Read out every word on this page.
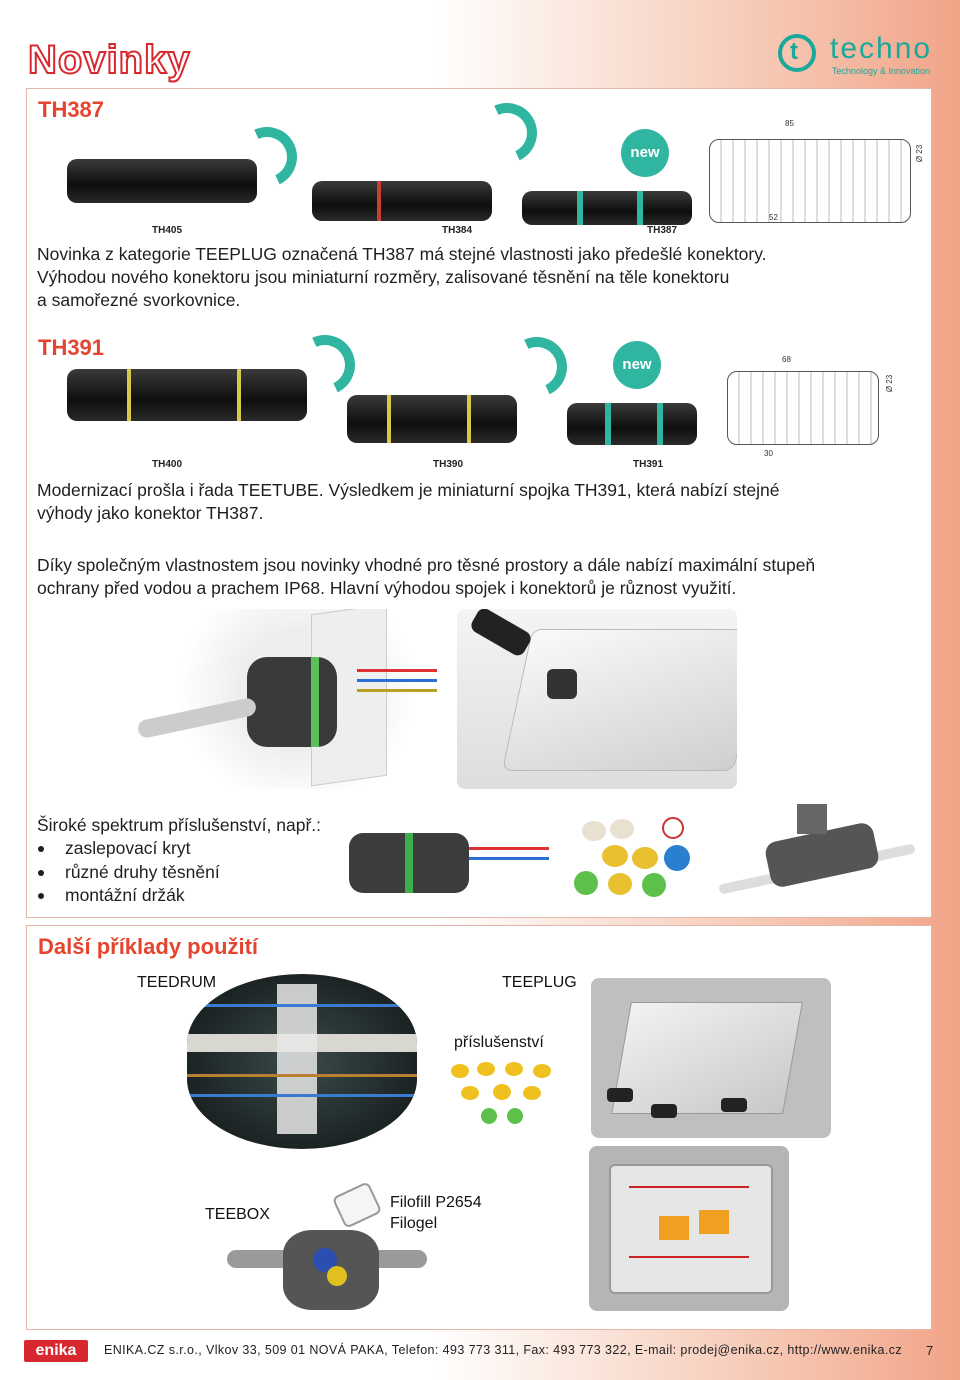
Novinky	t techno
Technology & Innovation
TH387
new
TH405	TH384	TH387
85
Ø 23
52

Novinka z kategorie TEEPLUG označená TH387 má stejné vlastnosti jako předešlé konektory.

Výhodou nového konektoru jsou miniaturní rozměry, zalisované těsnění na těle konektoru

a samořezné svorkovnice.

TH391
new
TH400	TH390	TH391
68
Ø 23
30

Modernizací prošla i řada TEETUBE. Výsledkem je miniaturní spojka TH391, která nabízí stejné

výhody jako konektor TH387.

Díky společným vlastnostem jsou novinky vhodné pro těsné prostory a dále nabízí maximální stupeň

ochrany před vodou a prachem IP68. Hlavní výhodou spojek i konektorů je různost využití.

Široké spektrum příslušenství, např.:

zaslepovací kryt
různé druhy těsnění
montážní držák
Další příklady použití
TEEDRUM	TEEPLUG
příslušenství
TEEBOX
Filofill P2654
Filogel
enika	ENIKA.CZ s.r.o., Vlkov 33, 509 01 NOVÁ PAKA, Telefon: 493 773 311, Fax: 493 773 322, E-mail: prodej@enika.cz, http://www.enika.cz 7
